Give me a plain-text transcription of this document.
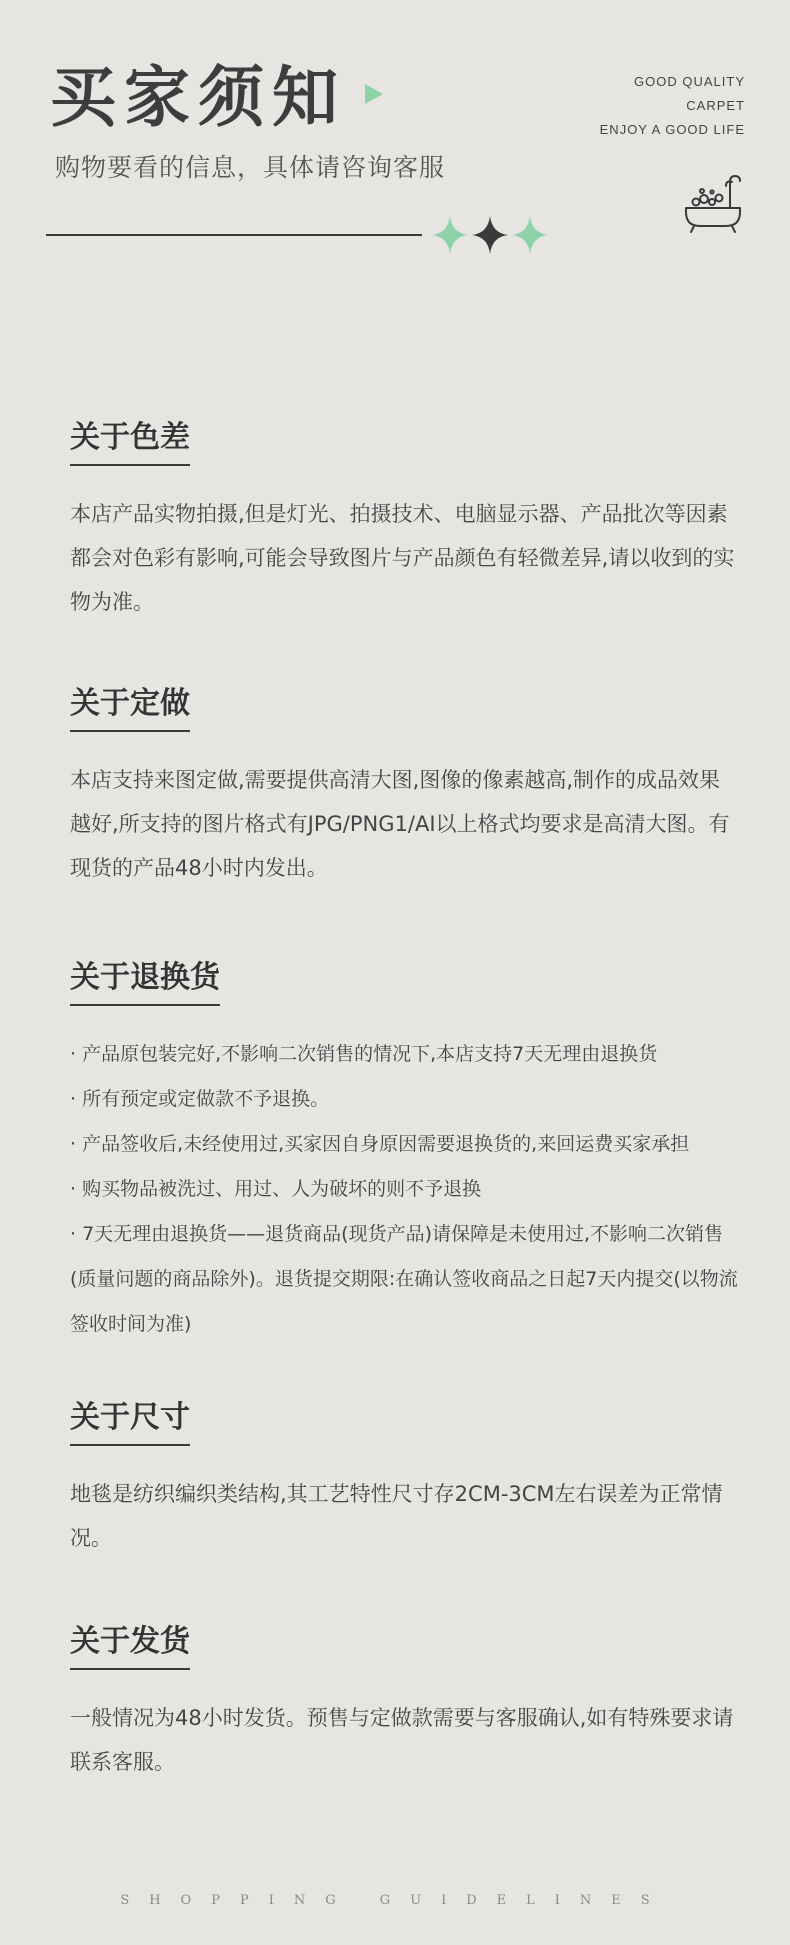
买家须知
购物要看的信息，具体请咨询客服
GOOD QUALITY
CARPET
ENJOY A GOOD LIFE
关于色差
本店产品实物拍摄,但是灯光、拍摄技术、电脑显示器、产品批次等因素都会对色彩有影响,可能会导致图片与产品颜色有轻微差异,请以收到的实物为准。
关于定做
本店支持来图定做,需要提供高清大图,图像的像素越高,制作的成品效果越好,所支持的图片格式有JPG/PNG1/AI以上格式均要求是高清大图。有现货的产品48小时内发出。
关于退换货
· 产品原包装完好,不影响二次销售的情况下,本店支持7天无理由退换货
· 所有预定或定做款不予退换。
· 产品签收后,未经使用过,买家因自身原因需要退换货的,来回运费买家承担
· 购买物品被洗过、用过、人为破坏的则不予退换
· 7天无理由退换货——退货商品(现货产品)请保障是未使用过,不影响二次销售(质量问题的商品除外)。退货提交期限:在确认签收商品之日起7天内提交(以物流签收时间为准)
关于尺寸
地毯是纺织编织类结构,其工艺特性尺寸存2CM-3CM左右误差为正常情况。
关于发货
一般情况为48小时发货。预售与定做款需要与客服确认,如有特殊要求请联系客服。
SHOPPING GUIDELINES
